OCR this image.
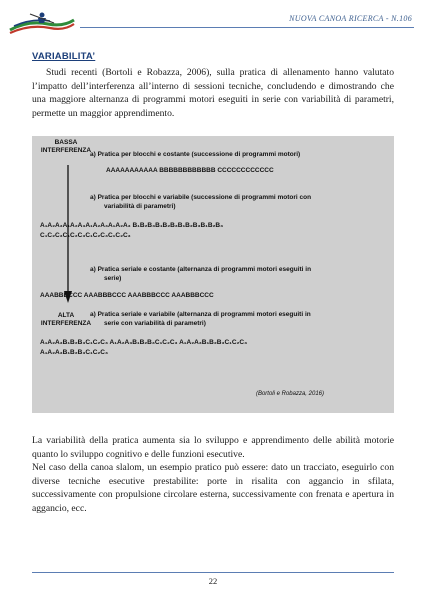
NUOVA CANOA RICERCA - N.106
VARIABILITA’
Studi recenti (Bortoli e Robazza, 2006), sulla pratica di allenamento hanno valutato l’impatto dell’interferenza all’interno di sessioni tecniche, concludendo e dimostrando che una maggiore alternanza di programmi motori eseguiti in serie con variabilità di parametri, permette un maggior apprendimento.
BASSA INTERFERENZA
ALTA INTERFERENZA
a) Pratica per blocchi e costante (successione di programmi motori)
AAAAAAAAAAA BBBBBBBBBBBB CCCCCCCCCCCC
a) Pratica per blocchi e variabile (successione di programmi motori con
variabilità di parametri)
A₁A₂A₃A₁A₂A₃A₁A₂A₃A₁A₂A₃ B₁B₂B₃B₁B₂B₃B₁B₂B₃B₁B₂B₃
C₁C₂C₃C₁C₂C₃C₁C₂C₃C₁C₂C₃
a) Pratica seriale e costante (alternanza di programmi motori eseguiti in
serie)
AAABBBCCC AAABBBCCC AAABBBCCC AAABBBCCC
a) Pratica seriale e variabile (alternanza di programmi motori eseguiti in
serie con variabilità di parametri)
A₁A₂A₃B₁B₂B₃C₁C₂C₃ A₁A₂A₃B₁B₂B₃C₁C₂C₃ A₁A₂A₃B₁B₂B₃C₁C₂C₃
A₁A₂A₃B₁B₂B₃C₁C₂C₃
(Bortoli e Robazza, 2016)
La variabilità della pratica aumenta sia lo sviluppo e apprendimento delle abilità motorie quanto lo sviluppo cognitivo e delle funzioni esecutive.
Nel caso della canoa slalom, un esempio pratico può essere: dato un tracciato, eseguirlo con diverse tecniche esecutive prestabilite: porte in risalita con aggancio in sfilata, successivamente con propulsione circolare esterna, successivamente con frenata e apertura in aggancio, ecc.
22
